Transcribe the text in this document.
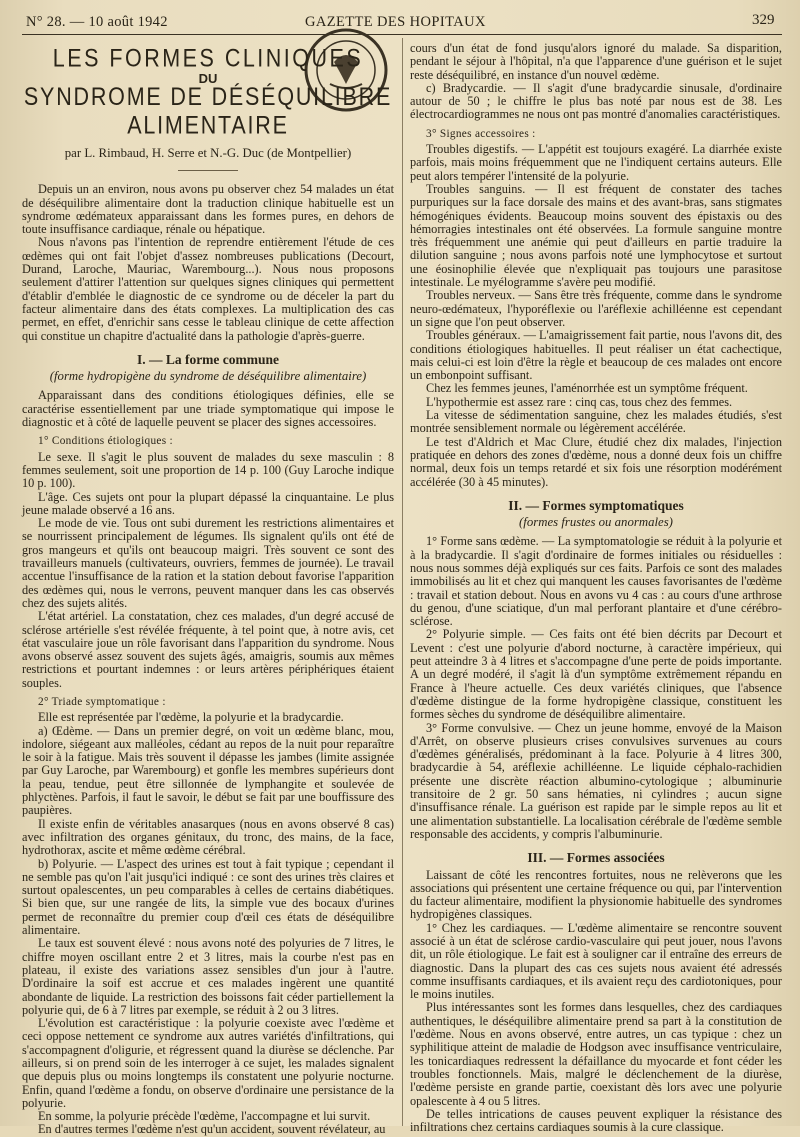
N° 28. — 10 août 1942	GAZETTE DES HOPITAUX	329
LES FORMES CLINIQUES
DU
SYNDROME DE DÉSÉQUILIBRE ALIMENTAIRE
par L. Rimbaud, H. Serre et N.-G. Duc (de Montpellier)

Depuis un an environ, nous avons pu observer chez 54 malades un état de déséquilibre alimentaire dont la traduction clinique habituelle est un syndrome œdémateux apparaissant dans les formes pures, en dehors de toute insuffisance cardiaque, rénale ou hépatique.

Nous n'avons pas l'intention de reprendre entièrement l'étude de ces œdèmes qui ont fait l'objet d'assez nombreuses publications (Decourt, Durand, Laroche, Mauriac, Warembourg...). Nous nous proposons seulement d'attirer l'attention sur quelques signes cliniques qui permettent d'établir d'emblée le diagnostic de ce syndrome ou de déceler la part du facteur alimentaire dans des états complexes. La multiplication des cas permet, en effet, d'enrichir sans cesse le tableau clinique de cette affection qui constitue un chapitre d'actualité dans la pathologie d'après-guerre.

I. — La forme commune
(forme hydropigène du syndrome de déséquilibre alimentaire)

Apparaissant dans des conditions étiologiques définies, elle se caractérise essentiellement par une triade symptomatique qui impose le diagnostic et à côté de laquelle peuvent se placer des signes accessoires.

1° Conditions étiologiques :

Le sexe. Il s'agit le plus souvent de malades du sexe masculin : 8 femmes seulement, soit une proportion de 14 p. 100 (Guy Laroche indique 10 p. 100).

L'âge. Ces sujets ont pour la plupart dépassé la cinquantaine. Le plus jeune malade observé a 16 ans.

Le mode de vie. Tous ont subi durement les restrictions alimentaires et se nourrissent principalement de légumes. Ils signalent qu'ils ont été de gros mangeurs et qu'ils ont beaucoup maigri. Très souvent ce sont des travailleurs manuels (cultivateurs, ouvriers, femmes de journée). Le travail accentue l'insuffisance de la ration et la station debout favorise l'apparition des œdèmes qui, nous le verrons, peuvent manquer dans les cas observés chez des sujets alités.

L'état artériel. La constatation, chez ces malades, d'un degré accusé de sclérose artérielle s'est révélée fréquente, à tel point que, à notre avis, cet état vasculaire joue un rôle favorisant dans l'apparition du syndrome. Nous avons observé assez souvent des sujets âgés, amaigris, soumis aux mêmes restrictions et pourtant indemnes : or leurs artères périphériques étaient souples.

2° Triade symptomatique :

Elle est représentée par l'œdème, la polyurie et la bradycardie.

a) Œdème. — Dans un premier degré, on voit un œdème blanc, mou, indolore, siégeant aux malléoles, cédant au repos de la nuit pour reparaître le soir à la fatigue. Mais très souvent il dépasse les jambes (limite assignée par Guy Laroche, par Warembourg) et gonfle les membres supérieurs dont la peau, tendue, peut être sillonnée de lymphangite et soulevée de phlyctènes. Parfois, il faut le savoir, le début se fait par une bouffissure des paupières.

Il existe enfin de véritables anasarques (nous en avons observé 8 cas) avec infiltration des organes génitaux, du tronc, des mains, de la face, hydrothorax, ascite et même œdème cérébral.

b) Polyurie. — L'aspect des urines est tout à fait typique ; cependant il ne semble pas qu'on l'ait jusqu'ici indiqué : ce sont des urines très claires et surtout opalescentes, un peu comparables à celles de certains diabétiques. Si bien que, sur une rangée de lits, la simple vue des bocaux d'urines permet de reconnaître du premier coup d'œil ces états de déséquilibre alimentaire.

Le taux est souvent élevé : nous avons noté des polyuries de 7 litres, le chiffre moyen oscillant entre 2 et 3 litres, mais la courbe n'est pas en plateau, il existe des variations assez sensibles d'un jour à l'autre. D'ordinaire la soif est accrue et ces malades ingèrent une quantité abondante de liquide. La restriction des boissons fait céder partiellement la polyurie qui, de 6 à 7 litres par exemple, se réduit à 2 ou 3 litres.

L'évolution est caractéristique : la polyurie coexiste avec l'œdème et ceci oppose nettement ce syndrome aux autres variétés d'infiltrations, qui s'accompagnent d'oligurie, et régressent quand la diurèse se déclenche. Par ailleurs, si on prend soin de les interroger à ce sujet, les malades signalent que depuis plus ou moins longtemps ils constatent une polyurie nocturne. Enfin, quand l'œdème a fondu, on observe d'ordinaire une persistance de la polyurie.

En somme, la polyurie précède l'œdème, l'accompagne et lui survit.

En d'autres termes l'œdème n'est qu'un accident, souvent révélateur, au

cours d'un état de fond jusqu'alors ignoré du malade. Sa disparition, pendant le séjour à l'hôpital, n'a que l'apparence d'une guérison et le sujet reste déséquilibré, en instance d'un nouvel œdème.

c) Bradycardie. — Il s'agit d'une bradycardie sinusale, d'ordinaire autour de 50 ; le chiffre le plus bas noté par nous est de 38. Les électrocardiogrammes ne nous ont pas montré d'anomalies caractéristiques.

3° Signes accessoires :

Troubles digestifs. — L'appétit est toujours exagéré. La diarrhée existe parfois, mais moins fréquemment que ne l'indiquent certains auteurs. Elle peut alors tempérer l'intensité de la polyurie.

Troubles sanguins. — Il est fréquent de constater des taches purpuriques sur la face dorsale des mains et des avant-bras, sans stigmates hémogéniques évidents. Beaucoup moins souvent des épistaxis ou des hémorragies intestinales ont été observées. La formule sanguine montre très fréquemment une anémie qui peut d'ailleurs en partie traduire la dilution sanguine ; nous avons parfois noté une lymphocytose et surtout une éosinophilie élevée que n'expliquait pas toujours une parasitose intestinale. Le myélogramme s'avère peu modifié.

Troubles nerveux. — Sans être très fréquente, comme dans le syndrome neuro-œdémateux, l'hyporéflexie ou l'aréflexie achilléenne est cependant un signe que l'on peut observer.

Troubles généraux. — L'amaigrissement fait partie, nous l'avons dit, des conditions étiologiques habituelles. Il peut réaliser un état cachectique, mais celui-ci est loin d'être la règle et beaucoup de ces malades ont encore un embonpoint suffisant.

Chez les femmes jeunes, l'aménorrhée est un symptôme fréquent.

L'hypothermie est assez rare : cinq cas, tous chez des femmes.

La vitesse de sédimentation sanguine, chez les malades étudiés, s'est montrée sensiblement normale ou légèrement accélérée.

Le test d'Aldrich et Mac Clure, étudié chez dix malades, l'injection pratiquée en dehors des zones d'œdème, nous a donné deux fois un chiffre normal, deux fois un temps retardé et six fois une résorption modérément accélérée (30 à 45 minutes).

II. — Formes symptomatiques
(formes frustes ou anormales)

1° Forme sans œdème. — La symptomatologie se réduit à la polyurie et à la bradycardie. Il s'agit d'ordinaire de formes initiales ou résiduelles : nous nous sommes déjà expliqués sur ces faits. Parfois ce sont des malades immobilisés au lit et chez qui manquent les causes favorisantes de l'œdème : travail et station debout. Nous en avons vu 4 cas : au cours d'une arthrose du genou, d'une sciatique, d'un mal perforant plantaire et d'une cérébro-sclérose.

2° Polyurie simple. — Ces faits ont été bien décrits par Decourt et Levent : c'est une polyurie d'abord nocturne, à caractère impérieux, qui peut atteindre 3 à 4 litres et s'accompagne d'une perte de poids importante. A un degré modéré, il s'agit là d'un symptôme extrêmement répandu en France à l'heure actuelle. Ces deux variétés cliniques, que l'absence d'œdème distingue de la forme hydropigène classique, constituent les formes sèches du syndrome de déséquilibre alimentaire.

3° Forme convulsive. — Chez un jeune homme, envoyé de la Maison d'Arrêt, on observe plusieurs crises convulsives survenues au cours d'œdèmes généralisés, prédominant à la face. Polyurie à 4 litres 300, bradycardie à 54, aréflexie achilléenne. Le liquide céphalo-rachidien présente une discrète réaction albumino-cytologique ; albuminurie transitoire de 2 gr. 50 sans hématies, ni cylindres ; aucun signe d'insuffisance rénale. La guérison est rapide par le simple repos au lit et une alimentation substantielle. La localisation cérébrale de l'œdème semble responsable des accidents, y compris l'albuminurie.

III. — Formes associées

Laissant de côté les rencontres fortuites, nous ne relèverons que les associations qui présentent une certaine fréquence ou qui, par l'intervention du facteur alimentaire, modifient la physionomie habituelle des syndromes hydropigènes classiques.

1° Chez les cardiaques. — L'œdème alimentaire se rencontre souvent associé à un état de sclérose cardio-vasculaire qui peut jouer, nous l'avons dit, un rôle étiologique. Le fait est à souligner car il entraîne des erreurs de diagnostic. Dans la plupart des cas ces sujets nous avaient été adressés comme insuffisants cardiaques, et ils avaient reçu des cardiotoniques, pour le moins inutiles.

Plus intéressantes sont les formes dans lesquelles, chez des cardiaques authentiques, le déséquilibre alimentaire prend sa part à la constitution de l'œdème. Nous en avons observé, entre autres, un cas typique : chez un syphilitique atteint de maladie de Hodgson avec insuffisance ventriculaire, les tonicardiaques redressent la défaillance du myocarde et font céder les troubles fonctionnels. Mais, malgré le déclenchement de la diurèse, l'œdème persiste en grande partie, coexistant dès lors avec une polyurie opalescente à 4 ou 5 litres.

De telles intrications de causes peuvent expliquer la résistance des infiltrations chez certains cardiaques soumis à la cure classique.
